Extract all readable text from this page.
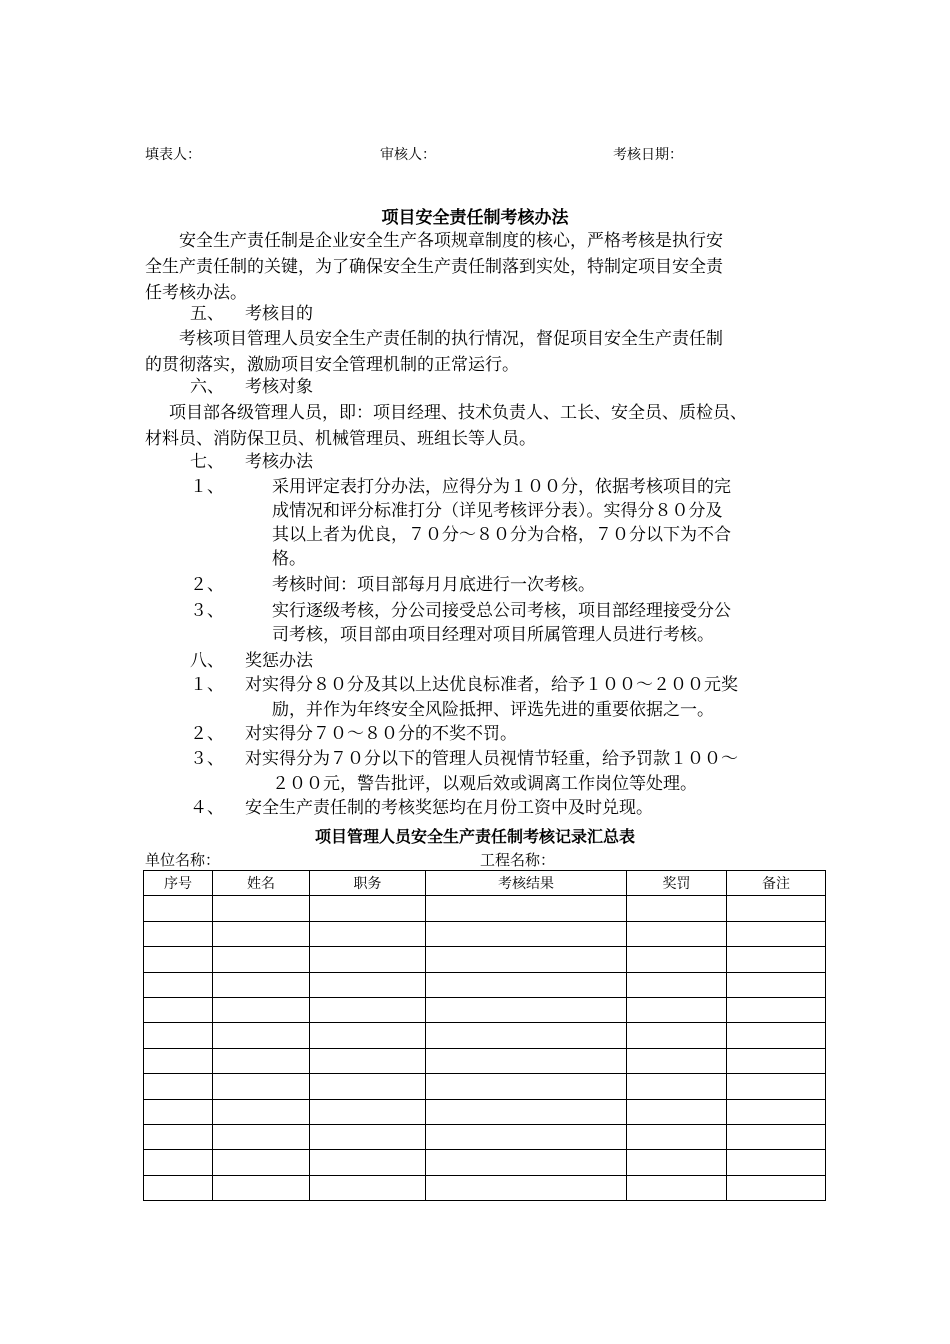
填表人：	审核人：	考核日期：
项目安全责任制考核办法
安全生产责任制是企业安全生产各项规章制度的核心，严格考核是执行安
全生产责任制的关键，为了确保安全生产责任制落到实处，特制定项目安全责
任考核办法。
五、 考核目的
考核项目管理人员安全生产责任制的执行情况，督促项目安全生产责任制
的贯彻落实，激励项目安全管理机制的正常运行。
六、 考核对象
项目部各级管理人员，即：项目经理、技术负责人、工长、安全员、质检员、
材料员、消防保卫员、机械管理员、班组长等人员。
七、 考核办法
１、	采用评定表打分办法，应得分为１００分，依据考核项目的完
成情况和评分标准打分（详见考核评分表）。实得分８０分及
其以上者为优良，７０分～８０分为合格，７０分以下为不合
格。
２、	考核时间：项目部每月月底进行一次考核。
３、	实行逐级考核，分公司接受总公司考核，项目部经理接受分公
司考核，项目部由项目经理对项目所属管理人员进行考核。
八、 奖惩办法
１、 对实得分８０分及其以上达优良标准者，给予１００～２００元奖
励，并作为年终安全风险抵押、评选先进的重要依据之一。
２、 对实得分７０～８０分的不奖不罚。
３、 对实得分为７０分以下的管理人员视情节轻重，给予罚款１００～
２００元，警告批评，以观后效或调离工作岗位等处理。
４、 安全生产责任制的考核奖惩均在月份工资中及时兑现。
项目管理人员安全生产责任制考核记录汇总表
单位名称：	工程名称：
序号	姓名	职务	考核结果	奖罚	备注
